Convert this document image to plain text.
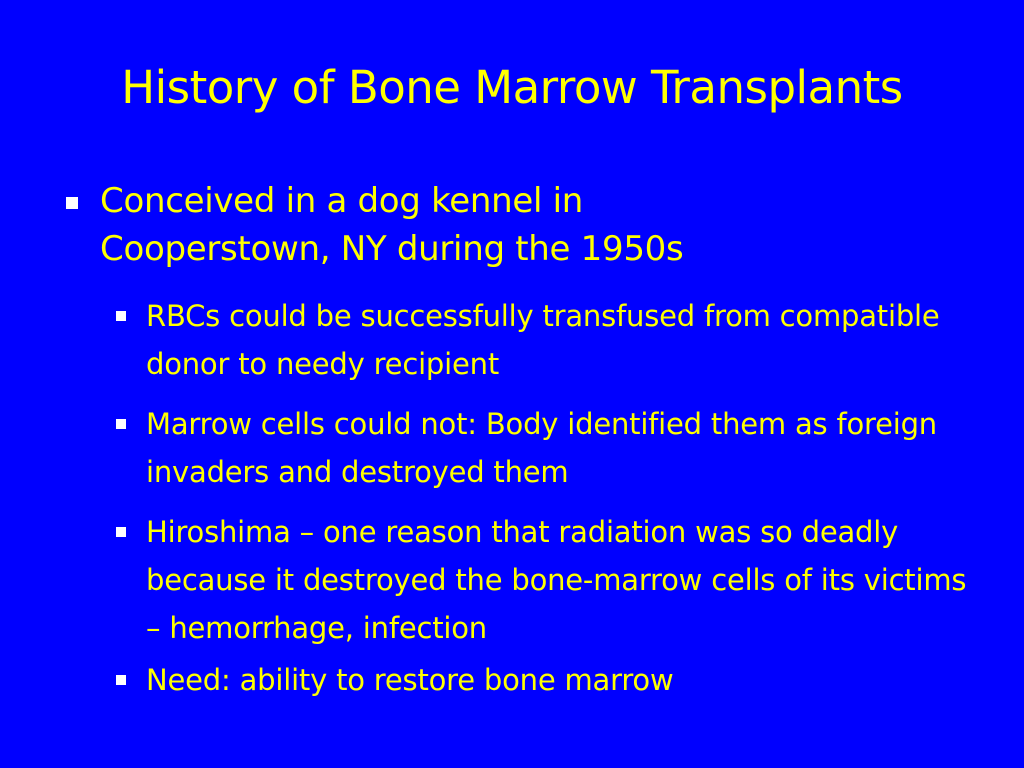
History of Bone Marrow Transplants
Conceived in a dog kennel in Cooperstown, NY during the 1950s
RBCs could be successfully transfused from compatible donor to needy recipient
Marrow cells could not: Body identified them as foreign invaders and destroyed them
Hiroshima – one reason that radiation was so deadly because it destroyed the bone-marrow cells of its victims – hemorrhage, infection
Need: ability to restore bone marrow
